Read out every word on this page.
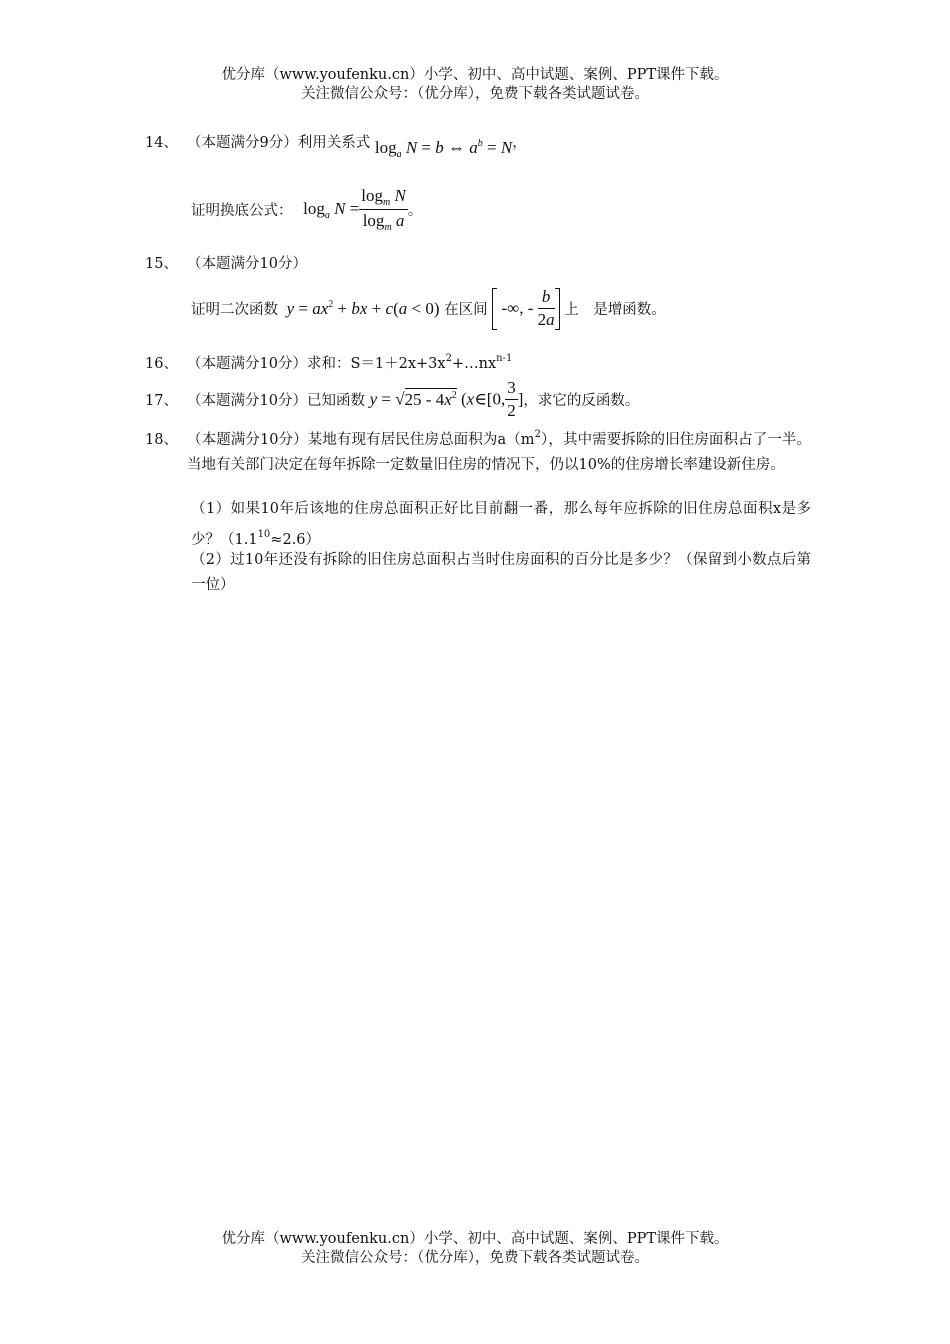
优分库（www.youfenku.cn）小学、初中、高中试题、案例、PPT课件下载。
关注微信公众号：（优分库），免费下载各类试题试卷。
14、 （本题满分9分）利用关系式 $\log_a N = b$ ⇔ $a^b = N$，
证明换底公式： $\log_a N = \frac{\log_m N}{\log_m a}$ 。
15、 （本题满分10分）
证明二次函数 $y = ax^2$ + bx + c(a < 0) 在区间  -∞, - $\frac{b}{2a}$ 上　是增函数。
16、 （本题满分10分）求和：$S=1+2x+3x^2+\dots nx^{n-1}$
17、 （本题满分10分）已知函数 $y = √25 - 4x^2$ (x∈[0, $\frac{3}{2}$ ]，求它的反函数。
18、 （本题满分10分）某地有现有居民住房总面积为$a(m^2)$，其中需要拆除的旧住房面积占了一半。当地有关部门决定在每年拆除一定数量旧住房的情况下，仍以10%的住房增长率建设新住房。
（1）如果10年后该地的住房总面积正好比目前翻一番，那么每年应拆除的旧住房总面积x是多少？$(1.1^{10}\approx 2.6)$
（2）过10年还没有拆除的旧住房总面积占当时住房面积的百分比是多少？（保留到小数点后第一位）
优分库（www.youfenku.cn）小学、初中、高中试题、案例、PPT课件下载。
关注微信公众号：（优分库），免费下载各类试题试卷。
